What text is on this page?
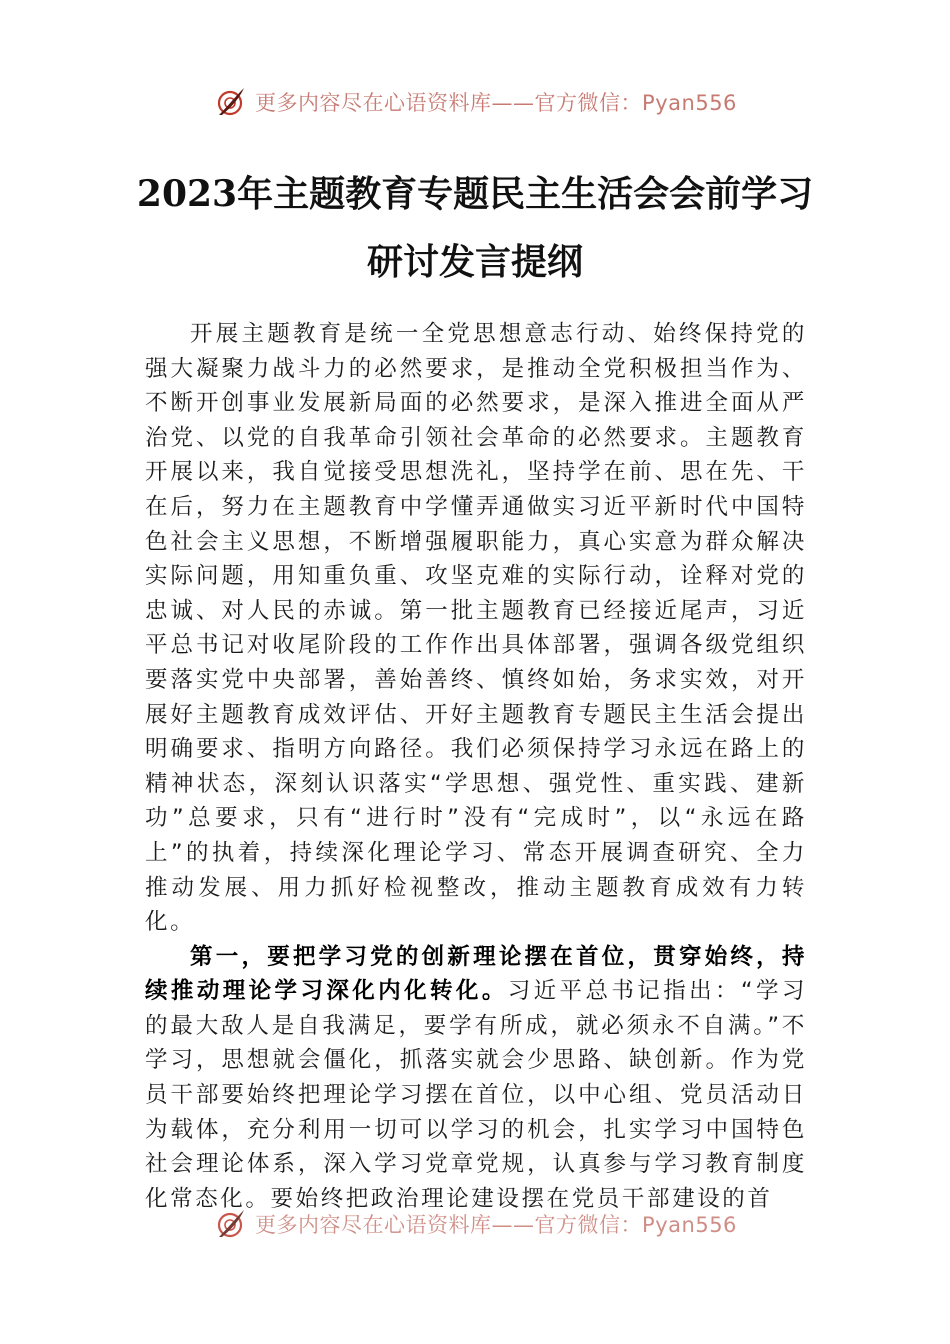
更多内容尽在心语资料库——官方微信：Pyan556
2023年主题教育专题民主生活会会前学习
研讨发言提纲

开展主题教育是统一全党思想意志行动、始终保持党的强大凝聚力战斗力的必然要求，是推动全党积极担当作为、不断开创事业发展新局面的必然要求，是深入推进全面从严治党、以党的自我革命引领社会革命的必然要求。主题教育开展以来，我自觉接受思想洗礼，坚持学在前、思在先、干在后，努力在主题教育中学懂弄通做实习近平新时代中国特色社会主义思想，不断增强履职能力，真心实意为群众解决实际问题，用知重负重、攻坚克难的实际行动，诠释对党的忠诚、对人民的赤诚。第一批主题教育已经接近尾声，习近平总书记对收尾阶段的工作作出具体部署，强调各级党组织要落实党中央部署，善始善终、慎终如始，务求实效，对开展好主题教育成效评估、开好主题教育专题民主生活会提出明确要求、指明方向路径。我们必须保持学习永远在路上的精神状态，深刻认识落实“学思想、强党性、重实践、建新功”总要求，只有“进行时”没有“完成时”，以“永远在路上”的执着，持续深化理论学习、常态开展调查研究、全力推动发展、用力抓好检视整改，推动主题教育成效有力转化。

第一，要把学习党的创新理论摆在首位，贯穿始终，持续推动理论学习深化内化转化。习近平总书记指出：“学习的最大敌人是自我满足，要学有所成，就必须永不自满。”不学习，思想就会僵化，抓落实就会少思路、缺创新。作为党员干部要始终把理论学习摆在首位，以中心组、党员活动日为载体，充分利用一切可以学习的机会，扎实学习中国特色社会理论体系，深入学习党章党规，认真参与学习教育制度化常态化。要始终把政治理论建设摆在党员干部建设的首

更多内容尽在心语资料库——官方微信：Pyan556
